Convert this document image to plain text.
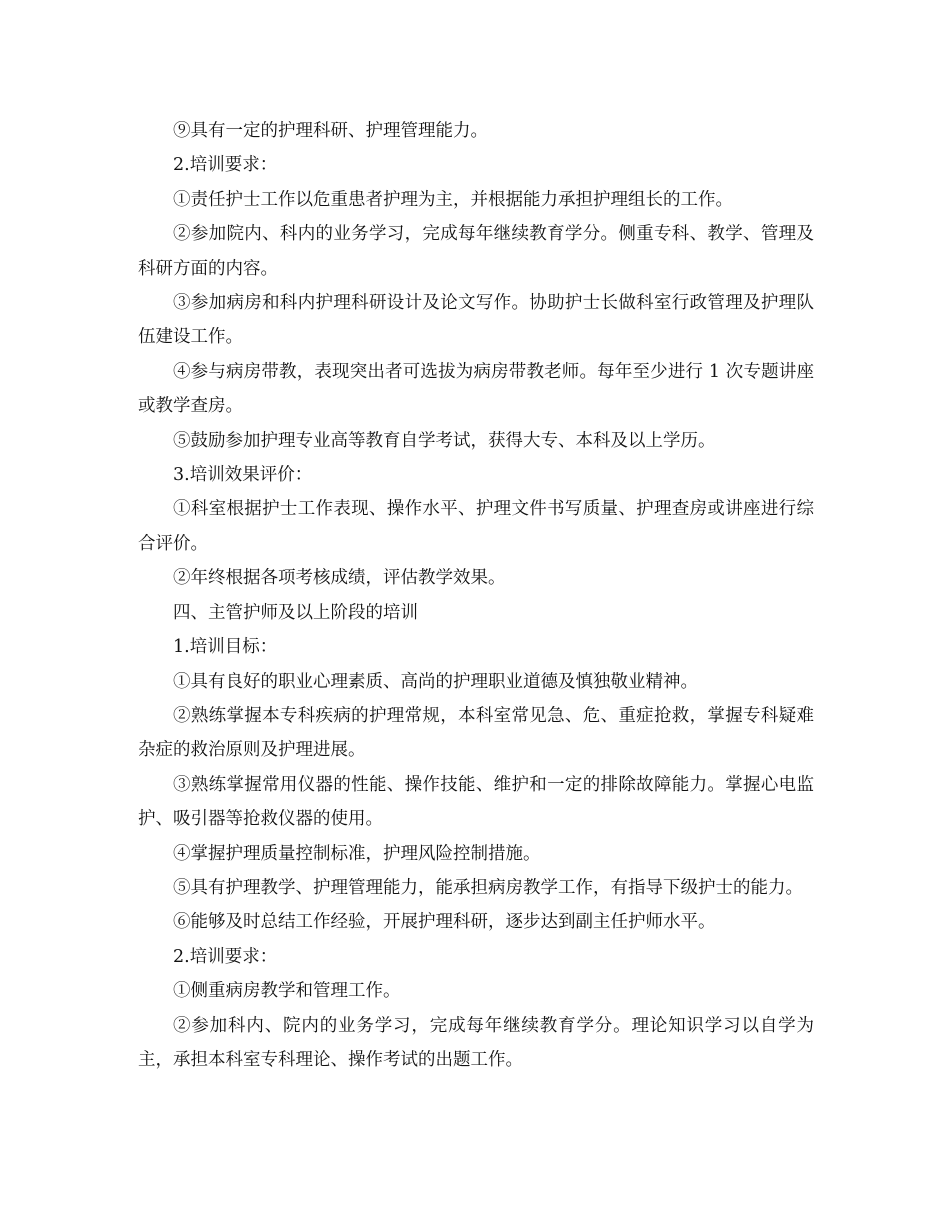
⑨具有一定的护理科研、护理管理能力。

2.培训要求：

①责任护士工作以危重患者护理为主，并根据能力承担护理组长的工作。

②参加院内、科内的业务学习，完成每年继续教育学分。侧重专科、教学、管理及科研方面的内容。

③参加病房和科内护理科研设计及论文写作。协助护士长做科室行政管理及护理队伍建设工作。

④参与病房带教，表现突出者可选拔为病房带教老师。每年至少进行 1 次专题讲座或教学查房。

⑤鼓励参加护理专业高等教育自学考试，获得大专、本科及以上学历。

3.培训效果评价：

①科室根据护士工作表现、操作水平、护理文件书写质量、护理查房或讲座进行综合评价。

②年终根据各项考核成绩，评估教学效果。

四、主管护师及以上阶段的培训

1.培训目标：

①具有良好的职业心理素质、高尚的护理职业道德及慎独敬业精神。

②熟练掌握本专科疾病的护理常规，本科室常见急、危、重症抢救，掌握专科疑难杂症的救治原则及护理进展。

③熟练掌握常用仪器的性能、操作技能、维护和一定的排除故障能力。掌握心电监护、吸引器等抢救仪器的使用。

④掌握护理质量控制标准，护理风险控制措施。

⑤具有护理教学、护理管理能力，能承担病房教学工作，有指导下级护士的能力。

⑥能够及时总结工作经验，开展护理科研，逐步达到副主任护师水平。

2.培训要求：

①侧重病房教学和管理工作。

②参加科内、院内的业务学习，完成每年继续教育学分。理论知识学习以自学为主，承担本科室专科理论、操作考试的出题工作。
